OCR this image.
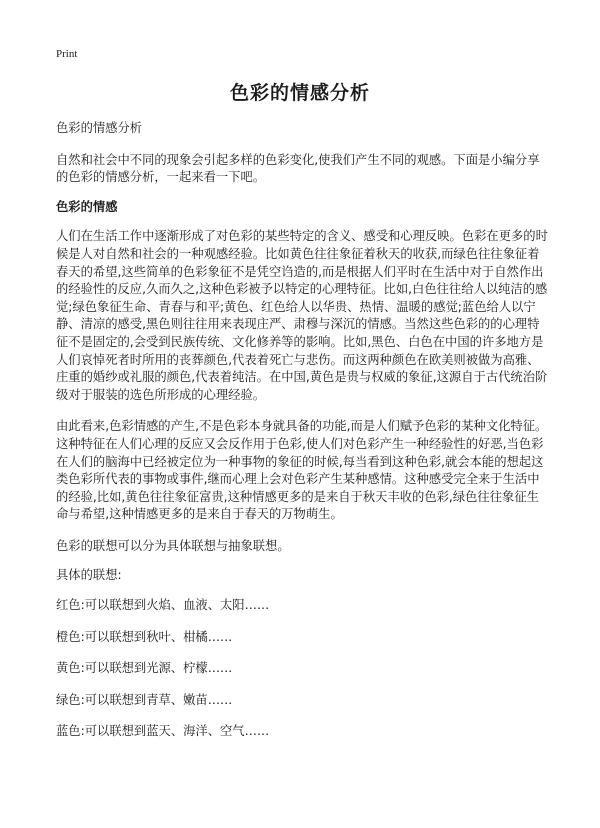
Print
色彩的情感分析

色彩的情感分析

自然和社会中不同的现象会引起多样的色彩变化,使我们产生不同的观感。下面是小编分享的色彩的情感分析，一起来看一下吧。

色彩的情感

人们在生活工作中逐渐形成了对色彩的某些特定的含义、感受和心理反映。色彩在更多的时候是人对自然和社会的一种观感经验。比如黄色往往象征着秋天的收获,而绿色往往象征着春天的希望,这些简单的色彩象征不是凭空诌造的,而是根据人们平时在生活中对于自然作出的经验性的反应,久而久之,这种色彩被予以特定的心理特征。比如,白色往往给人以纯洁的感觉;绿色象征生命、青春与和平;黄色、红色给人以华贵、热情、温暖的感觉;蓝色给人以宁静、清凉的感受,黑色则往往用来表现庄严、肃穆与深沉的情感。当然这些色彩的的心理特征不是固定的,会受到民族传统、文化修养等的影响。比如,黑色、白色在中国的许多地方是人们哀悼死者时所用的丧葬颜色,代表着死亡与悲伤。而这两种颜色在欧美则被做为高雅、庄重的婚纱或礼服的颜色,代表着纯洁。在中国,黄色是贵与权威的象征,这源自于古代统治阶级对于服装的选色所形成的心理经验。

由此看来,色彩情感的产生,不是色彩本身就具备的功能,而是人们赋予色彩的某种文化特征。这种特征在人们心理的反应又会反作用于色彩,使人们对色彩产生一种经验性的好恶,当色彩在人们的脑海中已经被定位为一种事物的象征的时候,每当看到这种色彩,就会本能的想起这类色彩所代表的事物或事件,继而心理上会对色彩产生某种感情。这种感受完全来于生活中的经验,比如,黄色往往象征富贵,这种情感更多的是来自于秋天丰收的色彩,绿色往往象征生命与希望,这种情感更多的是来自于春天的万物萌生。

色彩的联想可以分为具体联想与抽象联想。

具体的联想:

红色:可以联想到火焰、血液、太阳……
橙色:可以联想到秋叶、柑橘……
黄色:可以联想到光源、柠檬……
绿色:可以联想到青草、嫩苗……
蓝色:可以联想到蓝天、海洋、空气……
